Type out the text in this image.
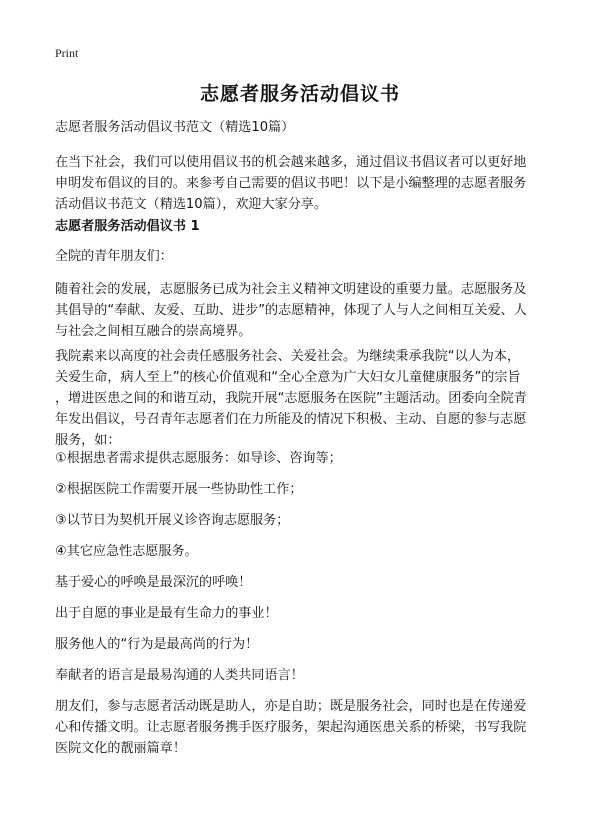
Print
志愿者服务活动倡议书
志愿者服务活动倡议书范文（精选10篇）
在当下社会，我们可以使用倡议书的机会越来越多，通过倡议书倡议者可以更好地
申明发布倡议的目的。来参考自己需要的倡议书吧！以下是小编整理的志愿者服务
活动倡议书范文（精选10篇），欢迎大家分享。
志愿者服务活动倡议书 1
全院的青年朋友们：
随着社会的发展，志愿服务已成为社会主义精神文明建设的重要力量。志愿服务及
其倡导的“奉献、友爱、互助、进步”的志愿精神，体现了人与人之间相互关爱、人
与社会之间相互融合的崇高境界。
我院素来以高度的社会责任感服务社会、关爱社会。为继续秉承我院“以人为本，
关爱生命，病人至上”的核心价值观和“全心全意为广大妇女儿童健康服务”的宗旨
，增进医患之间的和谐互动，我院开展“志愿服务在医院”主题活动。团委向全院青
年发出倡议，号召青年志愿者们在力所能及的情况下积极、主动、自愿的参与志愿
服务，如：
①根据患者需求提供志愿服务：如导诊、咨询等；
②根据医院工作需要开展一些协助性工作；
③以节日为契机开展义诊咨询志愿服务；
④其它应急性志愿服务。
基于爱心的呼唤是最深沉的呼唤！
出于自愿的事业是最有生命力的事业！
服务他人的“行为是最高尚的行为！
奉献者的语言是最易沟通的人类共同语言！
朋友们，参与志愿者活动既是助人，亦是自助；既是服务社会，同时也是在传递爱
心和传播文明。让志愿者服务携手医疗服务，架起沟通医患关系的桥梁，书写我院
医院文化的靓丽篇章！
